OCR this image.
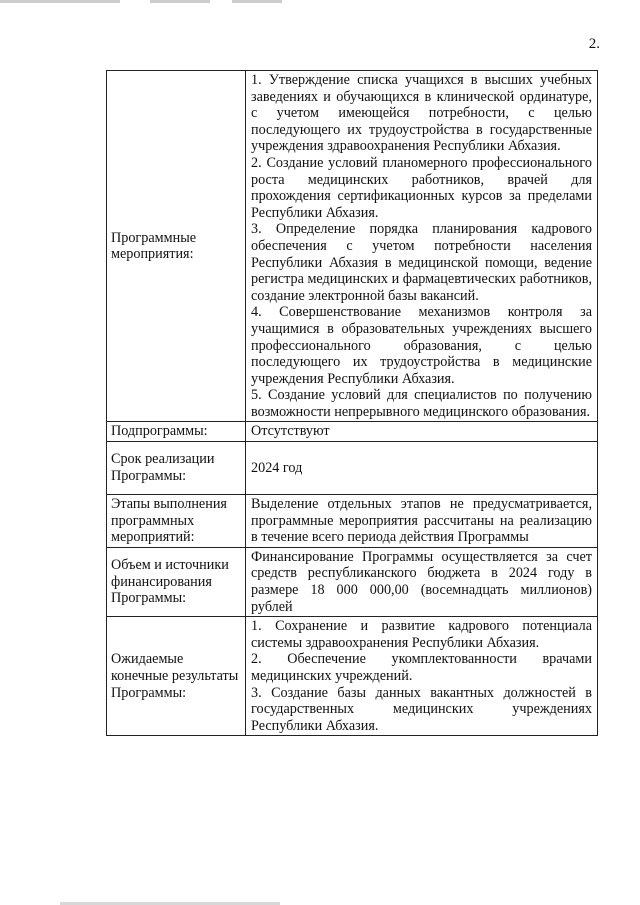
2.
Программные мероприятия:	1. Утверждение списка учащихся в высших учебных заведениях и обучающихся в клинической ординатуре, с учетом имеющейся потребности, с целью последующего их трудоустройства в государственные учреждения здравоохранения Республики Абхазия.
2. Создание условий планомерного профессионального роста медицинских работников, врачей для прохождения сертификационных курсов за пределами Республики Абхазия.
3. Определение порядка планирования кадрового обеспечения с учетом потребности населения Республики Абхазия в медицинской помощи, ведение регистра медицинских и фармацевтических работников, создание электронной базы вакансий.
4. Совершенствование механизмов контроля за учащимися в образовательных учреждениях высшего профессионального образования, с целью последующего их трудоустройства в медицинские учреждения Республики Абхазия.
5. Создание условий для специалистов по получению возможности непрерывного медицинского образования.

Подпрограммы:	Отсутствуют
Срок реализации Программы:	2024 год
Этапы выполнения программных мероприятий:	Выделение отдельных этапов не предусматривается, программные мероприятия рассчитаны на реализацию в течение всего периода действия Программы
Объем и источники финансирования Программы:	Финансирование Программы осуществляется за счет средств республиканского бюджета в 2024 году в размере 18 000 000,00 (восемнадцать миллионов) рублей
Ожидаемые конечные результаты Программы:	1. Сохранение и развитие кадрового потенциала системы здравоохранения Республики Абхазия.
2. Обеспечение укомплектованности врачами медицинских учреждений.
3. Создание базы данных вакантных должностей в государственных медицинских учреждениях Республики Абхазия.
